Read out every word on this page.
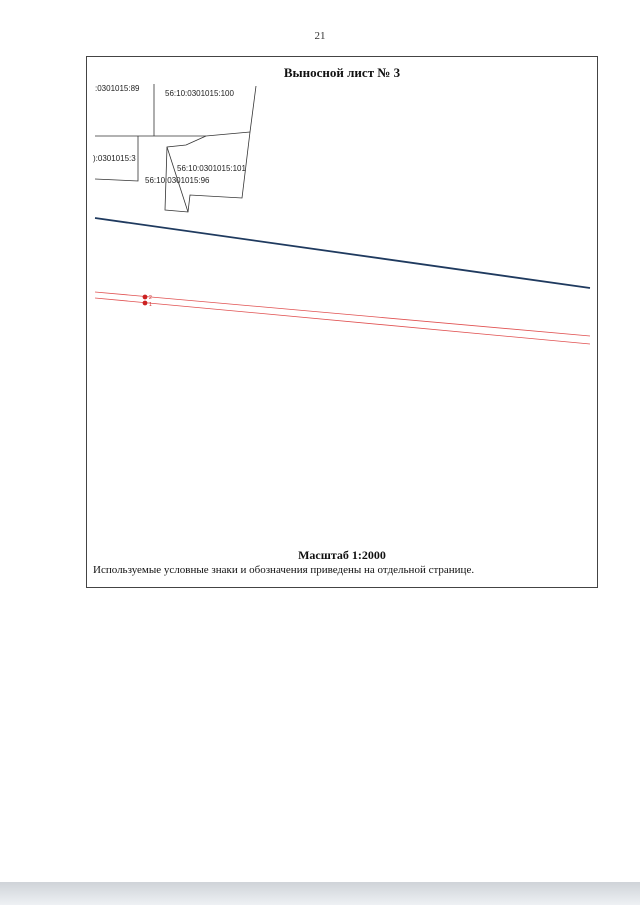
21
Выносной лист № 3
:0301015:89
56:10:0301015:100
):0301015:3
56:10:0301015:101
56:10:0301015:96
2
1
Масштаб 1:2000
Используемые условные знаки и обозначения приведены на отдельной странице.
